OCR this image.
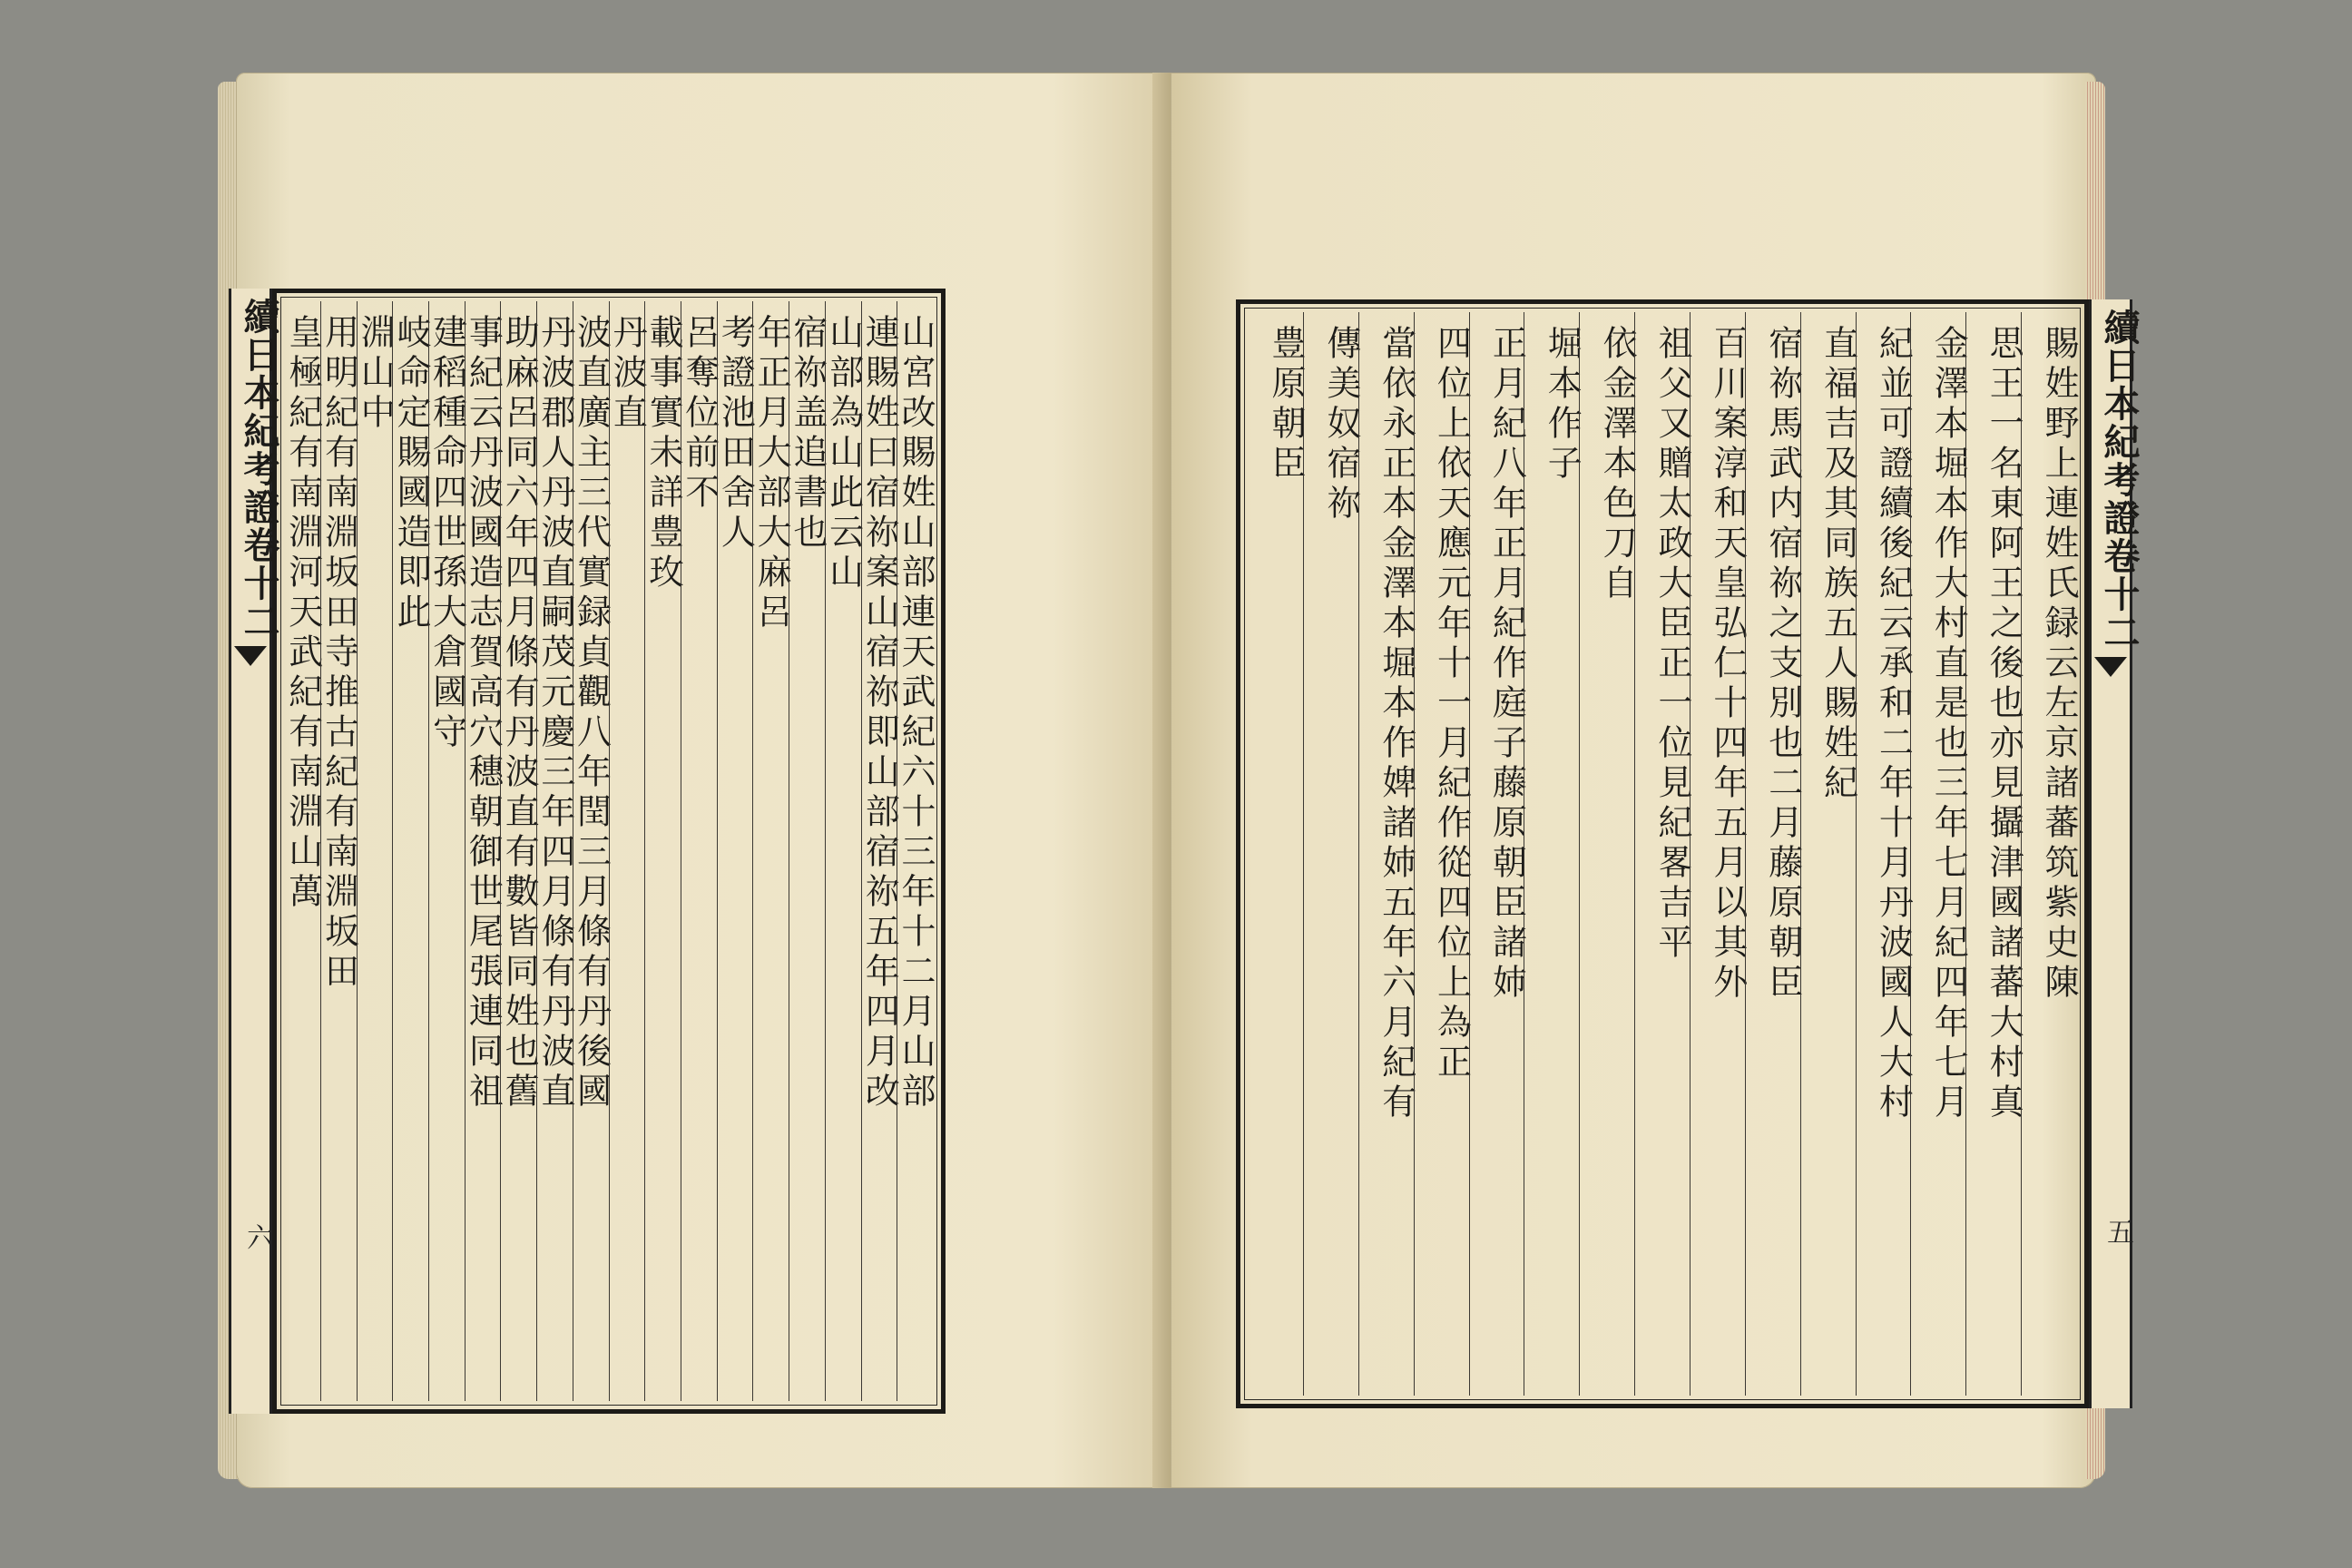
續日本紀考證卷十二
六
山宮改賜姓山部連天武紀六十三年十二月山部
連賜姓曰宿祢案山宿祢即山部宿祢五年四月改
山部為山此云山
宿祢盖追書也
年正月大部大麻呂
考證池田舍人
呂奪位前不
載事實未詳豊玫
丹波直
波直廣主三代實録貞觀八年閏三月條有丹後國
丹波郡人丹波直嗣茂元慶三年四月條有丹波直
助麻呂同六年四月條有丹波直有數皆同姓也舊
事紀云丹波國造志賀高穴穗朝御世尾張連同祖
建稻種命四世孫大倉國守
岐命定賜國造即此
淵山中
用明紀有南淵坂田寺推古紀有南淵坂田
皇極紀有南淵河天武紀有南淵山萬	賜姓野上連姓氏録云左京諸蕃筑紫史陳
思王一名東阿王之後也亦見攝津國諸蕃大村真
金澤本堀本作大村直是也三年七月紀四年七月
紀並可證續後紀云承和二年十月丹波國人大村
直福吉及其同族五人賜姓紀
宿祢馬武内宿祢之支別也二月藤原朝臣
百川案淳和天皇弘仁十四年五月以其外
祖父又贈太政大臣正一位見紀畧吉平
依金澤本色刀自
堀本作子
正月紀八年正月紀作庭子藤原朝臣諸姉
四位上依天應元年十一月紀作從四位上為正
當依永正本金澤本堀本作婢諸姉五年六月紀有
傳美奴宿祢
豊原朝臣	續日本紀考證卷十二
五
